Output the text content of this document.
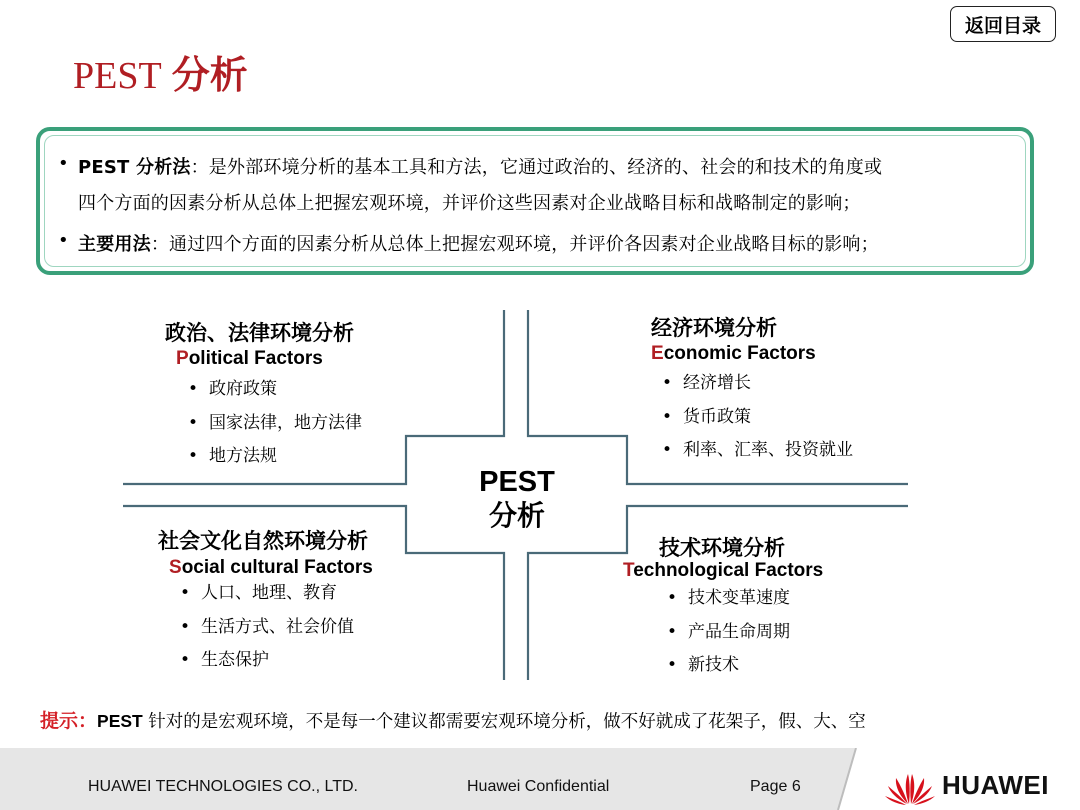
返回目录
PEST 分析
• PEST 分析法：是外部环境分析的基本工具和方法，它通过政治的、经济的、社会的和技术的角度或
四个方面的因素分析从总体上把握宏观环境，并评价这些因素对企业战略目标和战略制定的影响；
• 主要用法：通过四个方面的因素分析从总体上把握宏观环境，并评价各因素对企业战略目标的影响；
PEST
分析
政治、法律环境分析
Political Factors
• 政府政策
• 国家法律，地方法律
• 地方法规
经济环境分析
Economic Factors
• 经济增长
• 货币政策
• 利率、汇率、投资就业
社会文化自然环境分析
Social cultural Factors
• 人口、地理、教育
• 生活方式、社会价值
• 生态保护
技术环境分析
Technological Factors
• 技术变革速度
• 产品生命周期
• 新技术
提示：PEST 针对的是宏观环境，不是每一个建议都需要宏观环境分析，做不好就成了花架子，假、大、空
HUAWEI TECHNOLOGIES CO., LTD.	Huawei Confidential	Page 6	HUAWEI
